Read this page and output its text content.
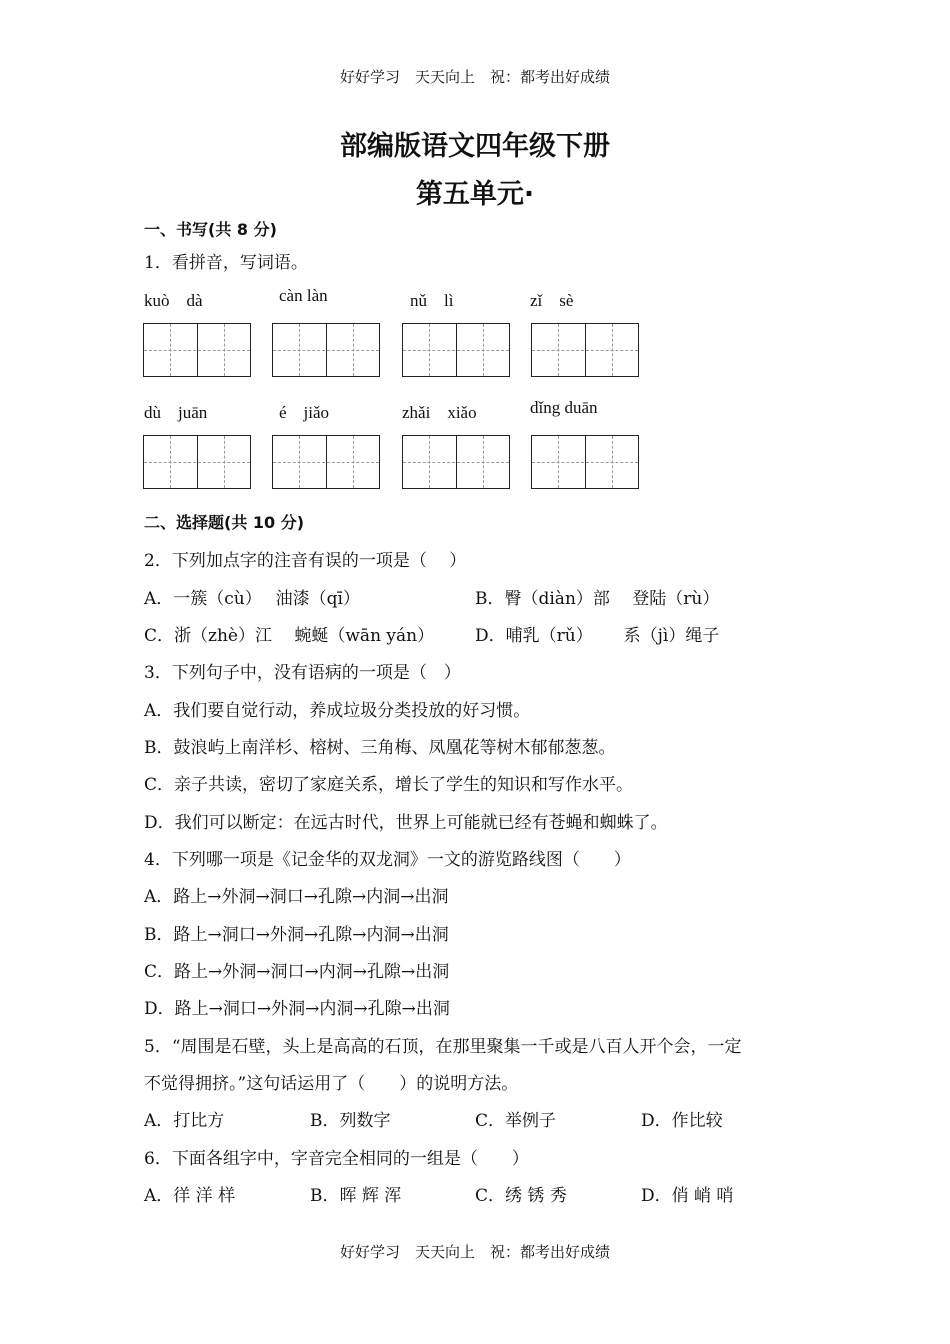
好好学习　天天向上　祝：都考出好成绩
部编版语文四年级下册
第五单元·
一、书写(共 8 分)
1．看拼音，写词语。
kuò　dà	càn làn	nǔ　lì	zǐ　sè
dù　juān	é　jiǎo	zhǎi　xiǎo	dǐng duān
二、选择题(共 10 分)
2．下列加点字的注音有误的一项是（　 ）
A．一簇（cù）　 油漆（qī）	B．臀（diàn）部　 登陆（rù）
C．浙（zhè）江　 蜿蜒（wān yán） D．哺乳（rǔ）　　 系（jì）绳子
3．下列句子中，没有语病的一项是（　）
A．我们要自觉行动，养成垃圾分类投放的好习惯。
B．鼓浪屿上南洋杉、榕树、三角梅、凤凰花等树木郁郁葱葱。
C．亲子共读，密切了家庭关系，增长了学生的知识和写作水平。
D．我们可以断定：在远古时代，世界上可能就已经有苍蝇和蜘蛛了。
4．下列哪一项是《记金华的双龙洞》一文的游览路线图（　　）
A．路上→外洞→洞口→孔隙→内洞→出洞
B．路上→洞口→外洞→孔隙→内洞→出洞
C．路上→外洞→洞口→内洞→孔隙→出洞
D．路上→洞口→外洞→内洞→孔隙→出洞
5．“周围是石壁，头上是高高的石顶，在那里聚集一千或是八百人开个会，一定
不觉得拥挤。”这句话运用了（　　）的说明方法。
A．打比方	B．列数字	C．举例子	D．作比较
6．下面各组字中，字音完全相同的一组是（　　）
A．徉 洋 样	B．晖 辉 浑	C．绣 锈 秀	D．俏 峭 哨
好好学习　天天向上　祝：都考出好成绩
